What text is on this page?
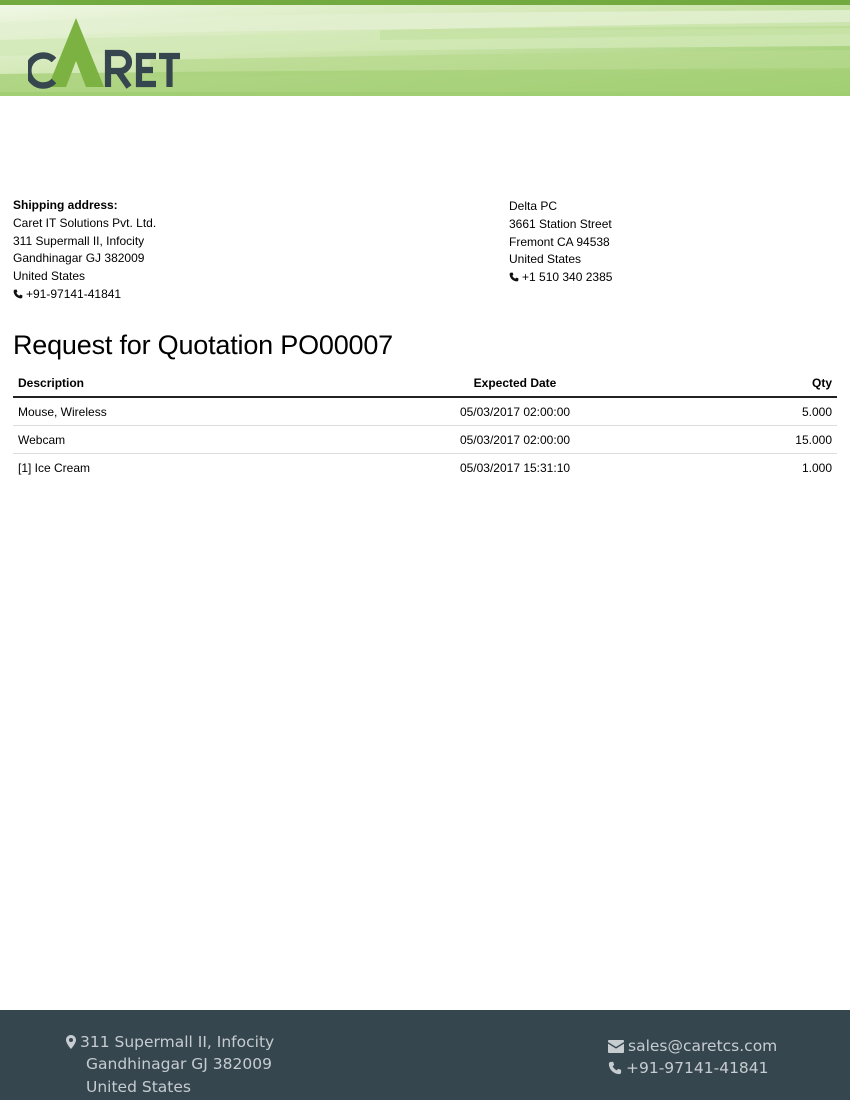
Shipping address:
Caret IT Solutions Pvt. Ltd.
311 Supermall II, Infocity
Gandhinagar GJ 382009
United States
+91-97141-41841
Delta PC
3661 Station Street
Fremont CA 94538
United States
+1 510 340 2385
Request for Quotation PO00007
Description	Expected Date	Qty
Mouse, Wireless	05/03/2017 02:00:00	5.000
Webcam	05/03/2017 02:00:00	15.000
[1] Ice Cream	05/03/2017 15:31:10	1.000
311 Supermall II, Infocity
Gandhinagar GJ 382009
United States
sales@caretcs.com
+91-97141-41841
